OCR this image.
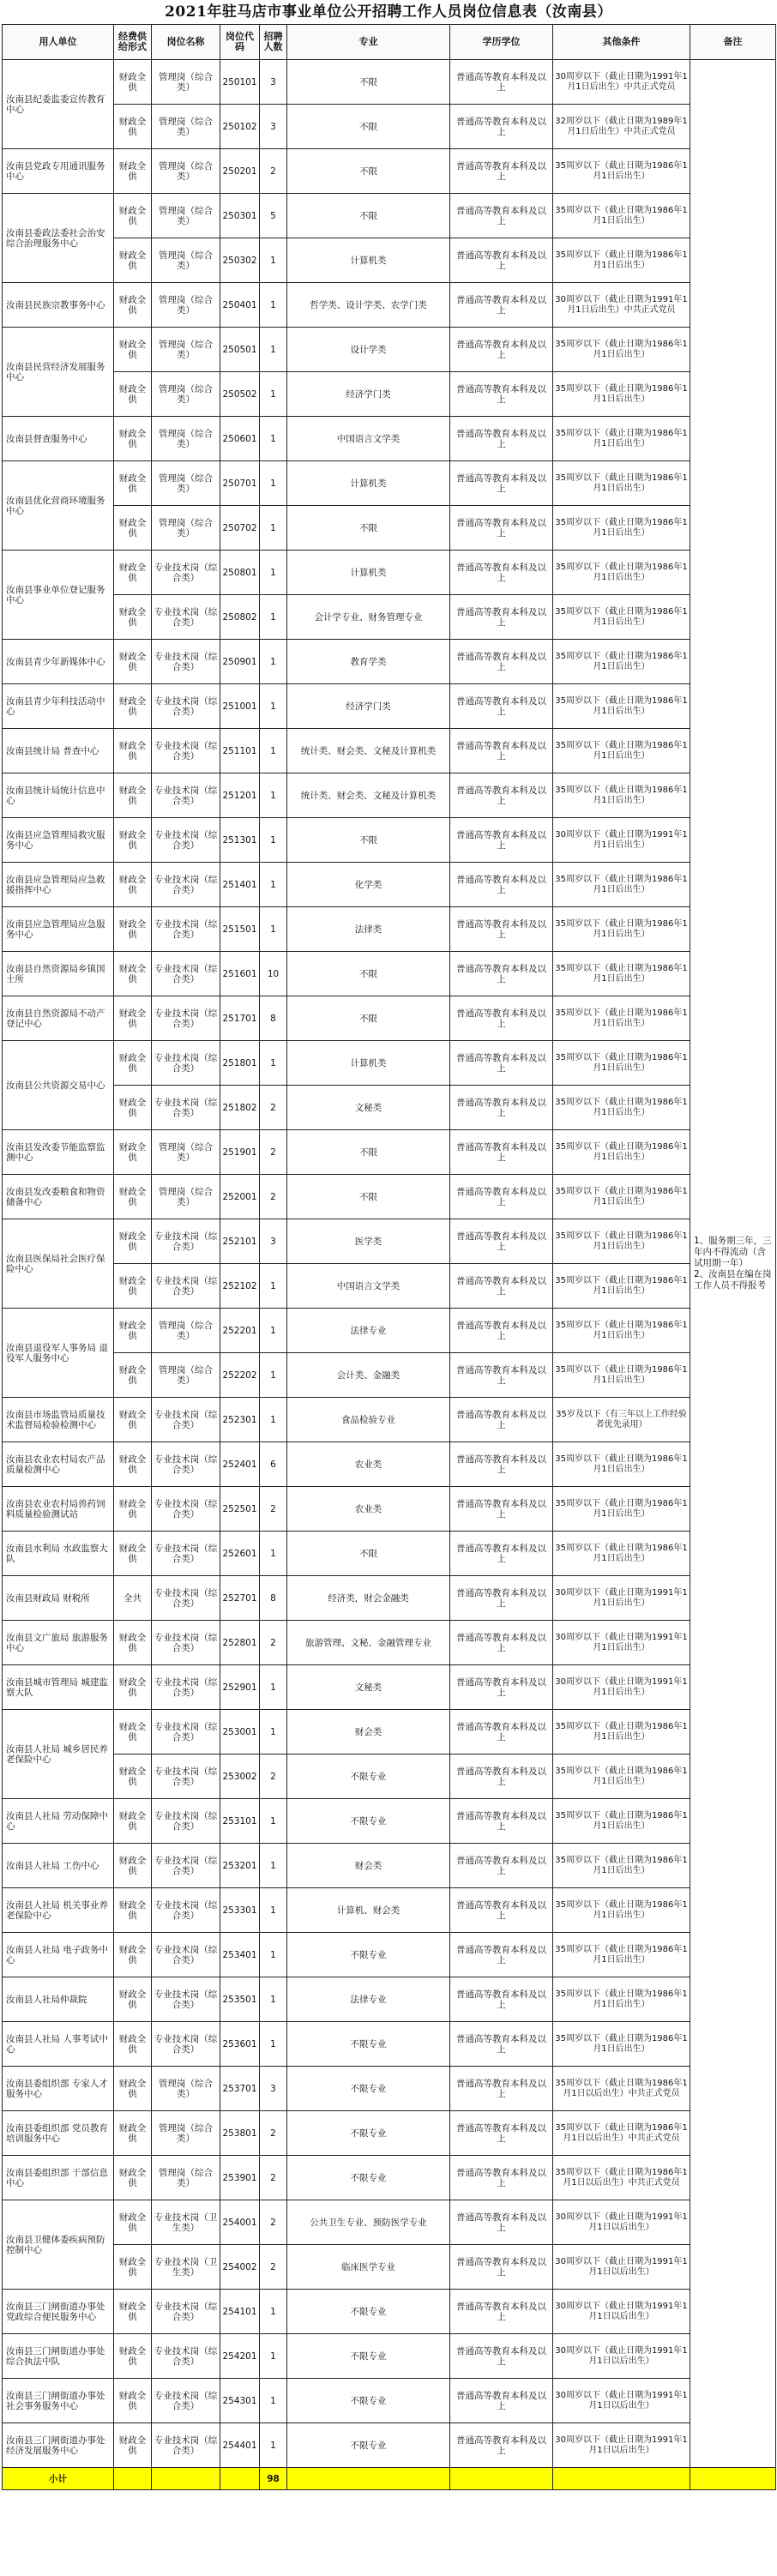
2021年驻马店市事业单位公开招聘工作人员岗位信息表（汝南县）
用人单位	经费供给形式	岗位名称	岗位代码	招聘人数	专业	学历学位	其他条件	备注
汝南县纪委监委宣传教育中心	财政全供	管理岗（综合类）	250101	3	不限	普通高等教育本科及以上	30周岁以下（截止日期为1991年1月1日后出生）中共正式党员	1、服务期三年，三年内不得流动（含试用期一年）
2、汝南县在编在岗工作人员不得报考
	财政全供	管理岗（综合类）	250102	3	不限	普通高等教育本科及以上	32周岁以下（截止日期为1989年1月1日后出生）中共正式党员	
汝南县党政专用通讯服务中心	财政全供	管理岗（综合类）	250201	2	不限	普通高等教育本科及以上	35周岁以下（截止日期为1986年1月1日后出生）	
汝南县委政法委社会治安综合治理服务中心	财政全供	管理岗（综合类）	250301	5	不限	普通高等教育本科及以上	35周岁以下（截止日期为1986年1月1日后出生）	
	财政全供	管理岗（综合类）	250302	1	计算机类	普通高等教育本科及以上	35周岁以下（截止日期为1986年1月1日后出生）	
汝南县民族宗教事务中心	财政全供	管理岗（综合类）	250401	1	哲学类、设计学类、农学门类	普通高等教育本科及以上	30周岁以下（截止日期为1991年1月1日后出生）中共正式党员	
汝南县民营经济发展服务中心	财政全供	管理岗（综合类）	250501	1	设计学类	普通高等教育本科及以上	35周岁以下（截止日期为1986年1月1日后出生）	
	财政全供	管理岗（综合类）	250502	1	经济学门类	普通高等教育本科及以上	35周岁以下（截止日期为1986年1月1日后出生）	
汝南县督查服务中心	财政全供	管理岗（综合类）	250601	1	中国语言文学类	普通高等教育本科及以上	35周岁以下（截止日期为1986年1月1日后出生）	
汝南县优化营商环境服务中心	财政全供	管理岗（综合类）	250701	1	计算机类	普通高等教育本科及以上	35周岁以下（截止日期为1986年1月1日后出生）	
	财政全供	管理岗（综合类）	250702	1	不限	普通高等教育本科及以上	35周岁以下（截止日期为1986年1月1日后出生）	
汝南县事业单位登记服务中心	财政全供	专业技术岗（综合类）	250801	1	计算机类	普通高等教育本科及以上	35周岁以下（截止日期为1986年1月1日后出生）	
	财政全供	专业技术岗（综合类）	250802	1	会计学专业、财务管理专业	普通高等教育本科及以上	35周岁以下（截止日期为1986年1月1日后出生）	
汝南县青少年新媒体中心	财政全供	专业技术岗（综合类）	250901	1	教育学类	普通高等教育本科及以上	35周岁以下（截止日期为1986年1月1日后出生）	
汝南县青少年科技活动中心	财政全供	专业技术岗（综合类）	251001	1	经济学门类	普通高等教育本科及以上	35周岁以下（截止日期为1986年1月1日后出生）	
汝南县统计局 普查中心	财政全供	专业技术岗（综合类）	251101	1	统计类、财会类、文秘及计算机类	普通高等教育本科及以上	35周岁以下（截止日期为1986年1月1日后出生）	
汝南县统计局统计信息中心	财政全供	专业技术岗（综合类）	251201	1	统计类、财会类、文秘及计算机类	普通高等教育本科及以上	35周岁以下（截止日期为1986年1月1日后出生）	
汝南县应急管理局救灾服务中心	财政全供	专业技术岗（综合类）	251301	1	不限	普通高等教育本科及以上	30周岁以下（截止日期为1991年1月1日后出生）	
汝南县应急管理局应急救援指挥中心	财政全供	专业技术岗（综合类）	251401	1	化学类	普通高等教育本科及以上	35周岁以下（截止日期为1986年1月1日后出生）	
汝南县应急管理局应急服务中心	财政全供	专业技术岗（综合类）	251501	1	法律类	普通高等教育本科及以上	35周岁以下（截止日期为1986年1月1日后出生）	
汝南县自然资源局乡镇国土所	财政全供	专业技术岗（综合类）	251601	10	不限	普通高等教育本科及以上	35周岁以下（截止日期为1986年1月1日后出生）	
汝南县自然资源局不动产登记中心	财政全供	专业技术岗（综合类）	251701	8	不限	普通高等教育本科及以上	35周岁以下（截止日期为1986年1月1日后出生）	
汝南县公共资源交易中心	财政全供	专业技术岗（综合类）	251801	1	计算机类	普通高等教育本科及以上	35周岁以下（截止日期为1986年1月1日后出生）	
	财政全供	专业技术岗（综合类）	251802	2	文秘类	普通高等教育本科及以上	35周岁以下（截止日期为1986年1月1日后出生）	
汝南县发改委节能监察监测中心	财政全供	管理岗（综合类）	251901	2	不限	普通高等教育本科及以上	35周岁以下（截止日期为1986年1月1日后出生）	
汝南县发改委粮食和物资储备中心	财政全供	管理岗（综合类）	252001	2	不限	普通高等教育本科及以上	35周岁以下（截止日期为1986年1月1日后出生）	
汝南县医保局社会医疗保险中心	财政全供	专业技术岗（综合类）	252101	3	医学类	普通高等教育本科及以上	35周岁以下（截止日期为1986年1月1日后出生）	
	财政全供	专业技术岗（综合类）	252102	1	中国语言文学类	普通高等教育本科及以上	35周岁以下（截止日期为1986年1月1日后出生）	
汝南县退役军人事务局 退役军人服务中心	财政全供	管理岗（综合类）	252201	1	法律专业	普通高等教育本科及以上	35周岁以下（截止日期为1986年1月1日后出生）	
	财政全供	管理岗（综合类）	252202	1	会计类、金融类	普通高等教育本科及以上	35周岁以下（截止日期为1986年1月1日后出生）	
汝南县市场监管局质量技术监督局检验检测中心	财政全供	专业技术岗（综合类）	252301	1	食品检验专业	普通高等教育本科及以上	35岁及以下（有三年以上工作经验者优先录用）	
汝南县农业农村局农产品质量检测中心	财政全供	专业技术岗（综合类）	252401	6	农业类	普通高等教育本科及以上	35周岁以下（截止日期为1986年1月1日后出生）	
汝南县农业农村局兽药饲料质量检验测试站	财政全供	专业技术岗（综合类）	252501	2	农业类	普通高等教育本科及以上	35周岁以下（截止日期为1986年1月1日后出生）	
汝南县水利局 水政监察大队	财政全供	专业技术岗（综合类）	252601	1	不限	普通高等教育本科及以上	35周岁以下（截止日期为1986年1月1日后出生）	
汝南县财政局 财税所	全共	专业技术岗（综合类）	252701	8	经济类，财会金融类	普通高等教育本科及以上	30周岁以下（截止日期为1991年1月1日后出生）	
汝南县文广旅局 旅游服务中心	财政全供	专业技术岗（综合类）	252801	2	旅游管理、文秘、金融管理专业	普通高等教育本科及以上	30周岁以下（截止日期为1991年1月1日后出生）	
汝南县城市管理局 城建监察大队	财政全供	专业技术岗（综合类）	252901	1	文秘类	普通高等教育本科及以上	30周岁以下（截止日期为1991年1月1日后出生）	
汝南县人社局 城乡居民养老保险中心	财政全供	专业技术岗（综合类）	253001	1	财会类	普通高等教育本科及以上	35周岁以下（截止日期为1986年1月1日后出生）	
	财政全供	专业技术岗（综合类）	253002	2	不限专业	普通高等教育本科及以上	35周岁以下（截止日期为1986年1月1日后出生）	
汝南县人社局 劳动保障中心	财政全供	专业技术岗（综合类）	253101	1	不限专业	普通高等教育本科及以上	35周岁以下（截止日期为1986年1月1日后出生）	
汝南县人社局 工伤中心	财政全供	专业技术岗（综合类）	253201	1	财会类	普通高等教育本科及以上	35周岁以下（截止日期为1986年1月1日后出生）	
汝南县人社局 机关事业养老保险中心	财政全供	专业技术岗（综合类）	253301	1	计算机、财会类	普通高等教育本科及以上	35周岁以下（截止日期为1986年1月1日后出生）	
汝南县人社局 电子政务中心	财政全供	专业技术岗（综合类）	253401	1	不限专业	普通高等教育本科及以上	35周岁以下（截止日期为1986年1月1日后出生）	
汝南县人社局仲裁院	财政全供	专业技术岗（综合类）	253501	1	法律专业	普通高等教育本科及以上	35周岁以下（截止日期为1986年1月1日后出生）	
汝南县人社局 人事考试中心	财政全供	专业技术岗（综合类）	253601	1	不限专业	普通高等教育本科及以上	35周岁以下（截止日期为1986年1月1日后出生）	
汝南县委组织部 专家人才服务中心	财政全供	管理岗（综合类）	253701	3	不限专业	普通高等教育本科及以上	35周岁以下（截止日期为1986年1月1日以后出生）中共正式党员	
汝南县委组织部 党员教育培训服务中心	财政全供	管理岗（综合类）	253801	2	不限专业	普通高等教育本科及以上	35周岁以下（截止日期为1986年1月1日以后出生）中共正式党员	
汝南县委组织部 干部信息中心	财政全供	管理岗（综合类）	253901	2	不限专业	普通高等教育本科及以上	35周岁以下（截止日期为1986年1月1日以后出生）中共正式党员	
汝南县卫健体委疾病预防控制中心	财政全供	专业技术岗（卫生类）	254001	2	公共卫生专业、预防医学专业	普通高等教育本科及以上	30周岁以下（截止日期为1991年1月1日以后出生）	
	财政全供	专业技术岗（卫生类）	254002	2	临床医学专业	普通高等教育本科及以上	30周岁以下（截止日期为1991年1月1日以后出生）	
汝南县三门闸街道办事处 党政综合便民服务中心	财政全供	专业技术岗（综合类）	254101	1	不限专业	普通高等教育本科及以上	30周岁以下（截止日期为1991年1月1日以后出生）	
汝南县三门闸街道办事处 综合执法中队	财政全供	专业技术岗（综合类）	254201	1	不限专业	普通高等教育本科及以上	30周岁以下（截止日期为1991年1月1日以后出生）	
汝南县三门闸街道办事处社会事务服务中心	财政全供	专业技术岗（综合类）	254301	1	不限专业	普通高等教育本科及以上	30周岁以下（截止日期为1991年1月1日以后出生）	
汝南县三门闸街道办事处 经济发展服务中心	财政全供	专业技术岗（综合类）	254401	1	不限专业	普通高等教育本科及以上	30周岁以下（截止日期为1991年1月1日以后出生）	
小计				98				
